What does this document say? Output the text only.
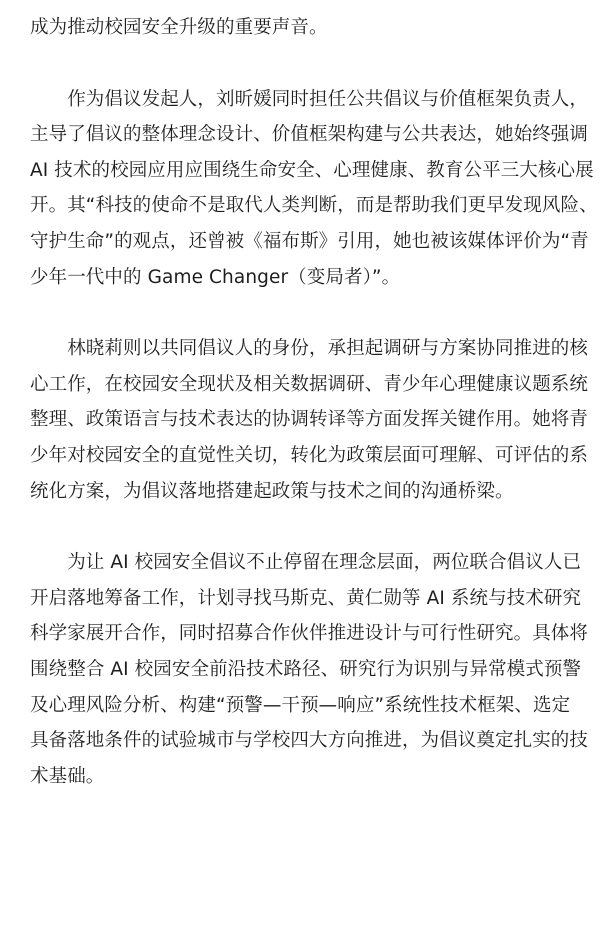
成为推动校园安全升级的重要声音。
　　作为倡议发起人，刘昕媛同时担任公共倡议与价值框架负责人，
主导了倡议的整体理念设计、价值框架构建与公共表达，她始终强调
AI 技术的校园应用应围绕生命安全、心理健康、教育公平三大核心展
开。其“科技的使命不是取代人类判断，而是帮助我们更早发现风险、
守护生命”的观点，还曾被《福布斯》引用，她也被该媒体评价为“青
少年一代中的 Game Changer（变局者）”。
　　林晓莉则以共同倡议人的身份，承担起调研与方案协同推进的核
心工作，在校园安全现状及相关数据调研、青少年心理健康议题系统
整理、政策语言与技术表达的协调转译等方面发挥关键作用。她将青
少年对校园安全的直觉性关切，转化为政策层面可理解、可评估的系
统化方案，为倡议落地搭建起政策与技术之间的沟通桥梁。
　　为让 AI 校园安全倡议不止停留在理念层面，两位联合倡议人已
开启落地筹备工作，计划寻找马斯克、黄仁勋等 AI 系统与技术研究
科学家展开合作，同时招募合作伙伴推进设计与可行性研究。具体将
围绕整合 AI 校园安全前沿技术路径、研究行为识别与异常模式预警
及心理风险分析、构建“预警—干预—响应”系统性技术框架、选定
具备落地条件的试验城市与学校四大方向推进，为倡议奠定扎实的技
术基础。
